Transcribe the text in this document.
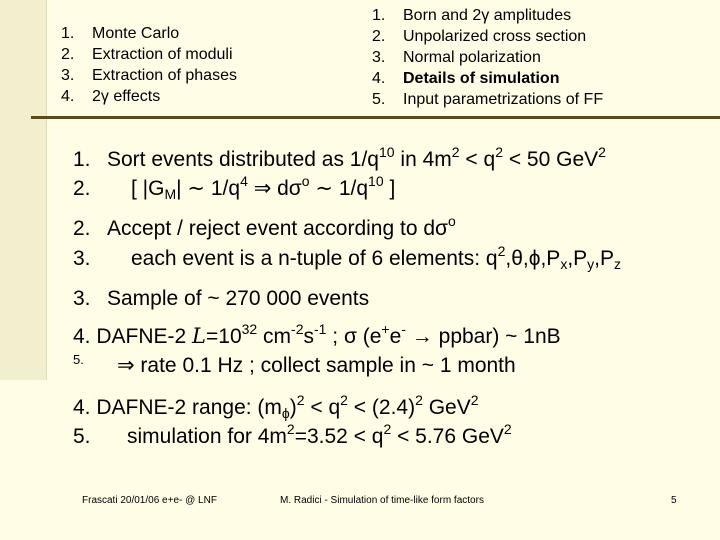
1.	Monte Carlo
2.	Extraction of moduli
3.	Extraction of phases
4.	2γ effects
1.	Born and 2γ amplitudes
2.	Unpolarized cross section
3.	Normal polarization
4.	Details of simulation
5.	Input parametrizations of FF
1. Sort events distributed as $1/q^{10}$ in $4m^2 < q^2 < 50$ GeV$^2$
2. [ $|G_M|$ ∼ $1/q^4$ ⇒ $d\sigma^o$ ∼ $1/q^{10}$ ]
2. Accept / reject event according to $d\sigma^o$
3. each event is a n-tuple of 6 elements: $q^2,\theta,\phi,P_x,P_y,P_z$
3. Sample of ~ 270 000 events
4. DAFNE-2 $L=10^{32}$ $cm^{-2}s^{-1}$ ; σ (e+e- → ppbar) ~ 1nB
5. ⇒ rate 0.1 Hz ; collect sample in ~ 1 month
4. DAFNE-2 range: $(m_\phi)^2 < q^2 < (2.4)^2$ GeV$^2$
5. simulation for $4m^2=3.52 < q^2 < 5.76$ GeV$^2$
Frascati 20/01/06 e+e- @ LNF	M. Radici - Simulation of time-like form factors	5
